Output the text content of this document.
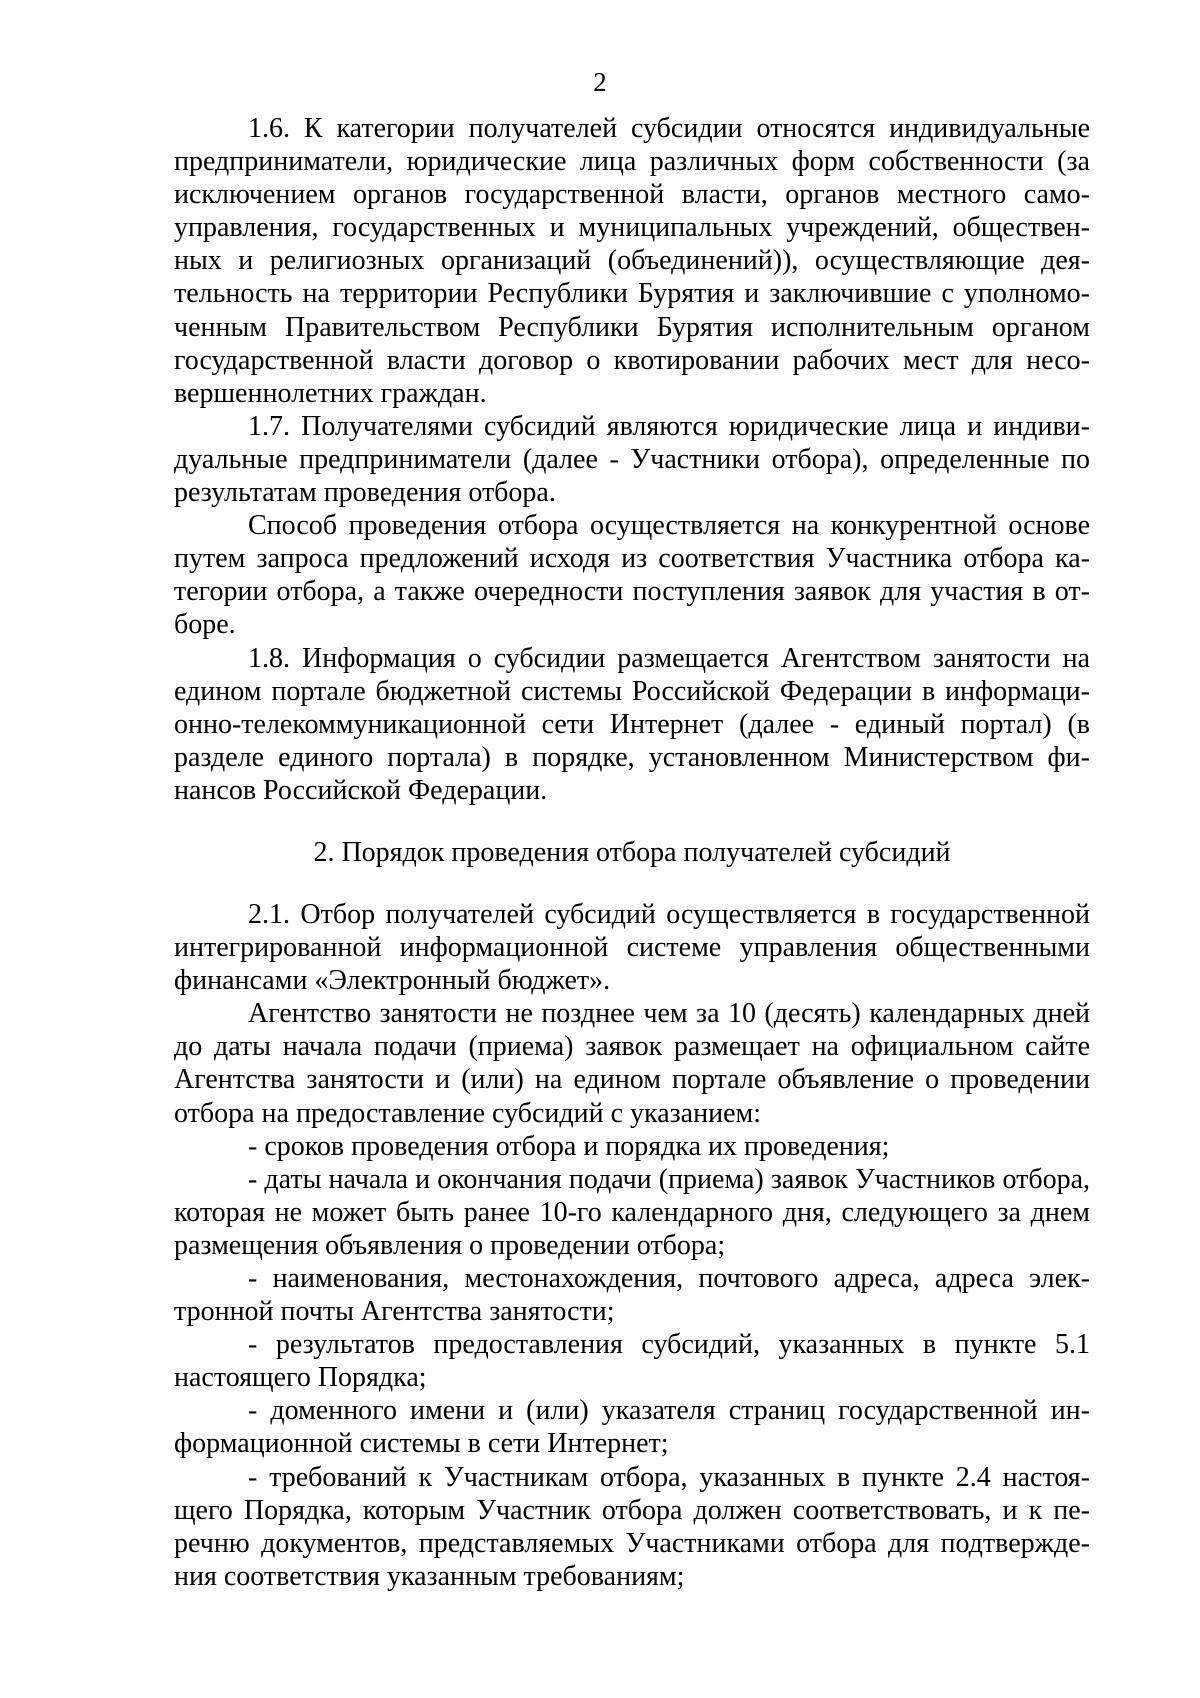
2

1.6. К категории получателей субсидии относятся индивидуальные предприниматели, юридические лица различных форм собственности (за исключением органов государственной власти, органов местного самоуправления, государственных и муниципальных учреждений, общественных и религиозных организаций (объединений)), осуществляющие деятельность на территории Республики Бурятия и заключившие с уполномоченным Правительством Республики Бурятия исполнительным органом государственной власти договор о квотировании рабочих мест для несовершеннолетних граждан.

1.7. Получателями субсидий являются юридические лица и индивидуальные предприниматели (далее - Участники отбора), определенные по результатам проведения отбора.

Способ проведения отбора осуществляется на конкурентной основе путем запроса предложений исходя из соответствия Участника отбора категории отбора, а также очередности поступления заявок для участия в отборе.

1.8. Информация о субсидии размещается Агентством занятости на едином портале бюджетной системы Российской Федерации в информационно-телекоммуникационной сети Интернет (далее - единый портал) (в разделе единого портала) в порядке, установленном Министерством финансов Российской Федерации.

2. Порядок проведения отбора получателей субсидий

2.1. Отбор получателей субсидий осуществляется в государственной интегрированной информационной системе управления общественными финансами «Электронный бюджет».

Агентство занятости не позднее чем за 10 (десять) календарных дней до даты начала подачи (приема) заявок размещает на официальном сайте Агентства занятости и (или) на едином портале объявление о проведении отбора на предоставление субсидий с указанием:

- сроков проведения отбора и порядка их проведения;

- даты начала и окончания подачи (приема) заявок Участников отбора, которая не может быть ранее 10-го календарного дня, следующего за днем размещения объявления о проведении отбора;

- наименования, местонахождения, почтового адреса, адреса электронной почты Агентства занятости;

- результатов предоставления субсидий, указанных в пункте 5.1 настоящего Порядка;

- доменного имени и (или) указателя страниц государственной информационной системы в сети Интернет;

- требований к Участникам отбора, указанных в пункте 2.4 настоящего Порядка, которым Участник отбора должен соответствовать, и к перечню документов, представляемых Участниками отбора для подтверждения соответствия указанным требованиям;
